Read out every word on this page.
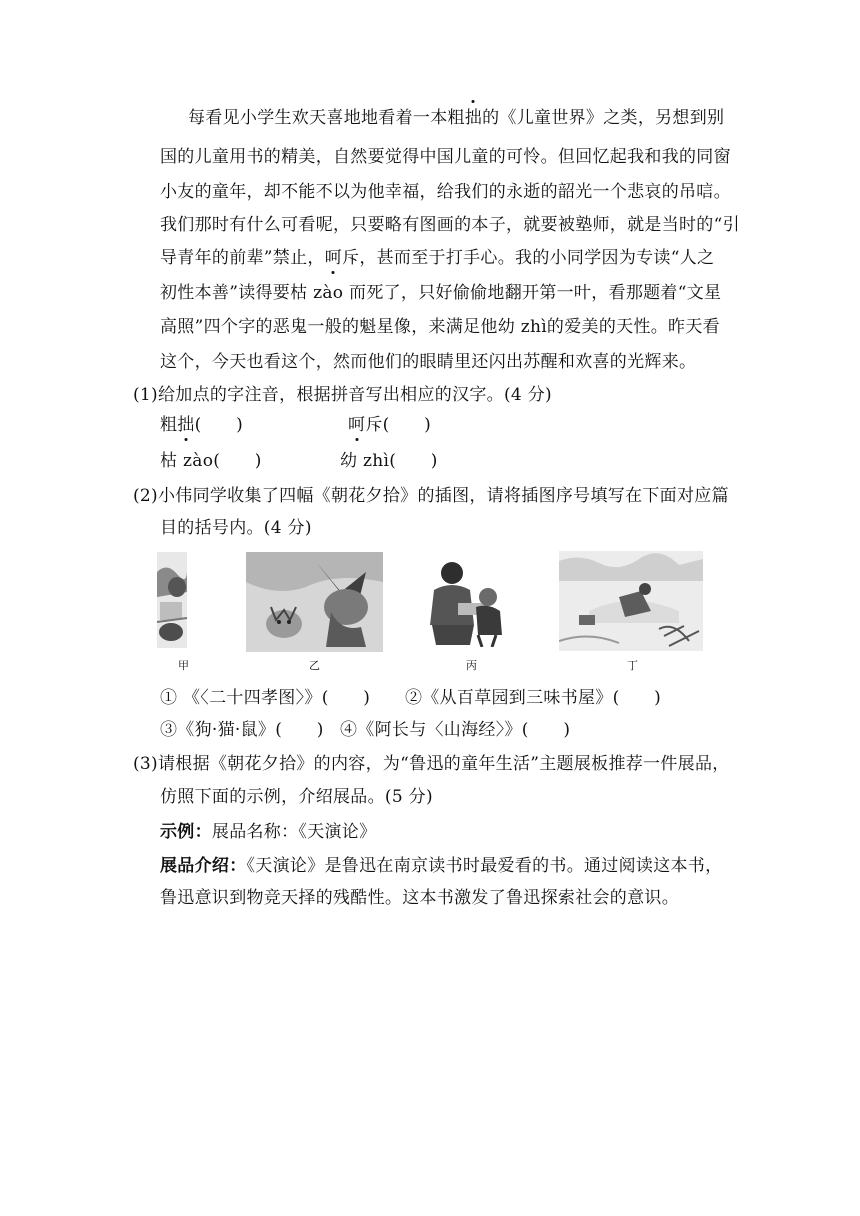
每看见小学生欢天喜地地看着一本粗拙的《儿童世界》之类，另想到别
国的儿童用书的精美，自然要觉得中国儿童的可怜。但回忆起我和我的同窗
小友的童年，却不能不以为他幸福，给我们的永逝的韶光一个悲哀的吊唁。
我们那时有什么可看呢，只要略有图画的本子，就要被塾师，就是当时的“引
导青年的前辈”禁止，呵斥，甚而至于打手心。我的小同学因为专读“人之
初性本善”读得要枯 zào 而死了，只好偷偷地翻开第一叶，看那题着“文星
高照”四个字的恶鬼一般的魁星像，来满足他幼 zhì的爱美的天性。昨天看
这个，今天也看这个，然而他们的眼睛里还闪出苏醒和欢喜的光辉来。
(1)给加点的字注音，根据拼音写出相应的汉字。(4 分)
粗拙(　　)	呵斥(　　)
枯 zào(　　)	幼 zhì(　　)
(2)小伟同学收集了四幅《朝花夕拾》的插图，请将插图序号填写在下面对应篇
目的括号内。(4 分)
甲	乙	丙	丁
① 《〈二十四孝图〉》(　　) ②《从百草园到三味书屋》(　　)
③《狗·猫·鼠》(　　) ④《阿长与〈山海经〉》(　　)
(3)请根据《朝花夕拾》的内容，为“鲁迅的童年生活”主题展板推荐一件展品，
仿照下面的示例，介绍展品。(5 分)
示例：展品名称：《天演论》
展品介绍：《天演论》是鲁迅在南京读书时最爱看的书。通过阅读这本书，
鲁迅意识到物竞天择的残酷性。这本书激发了鲁迅探索社会的意识。
